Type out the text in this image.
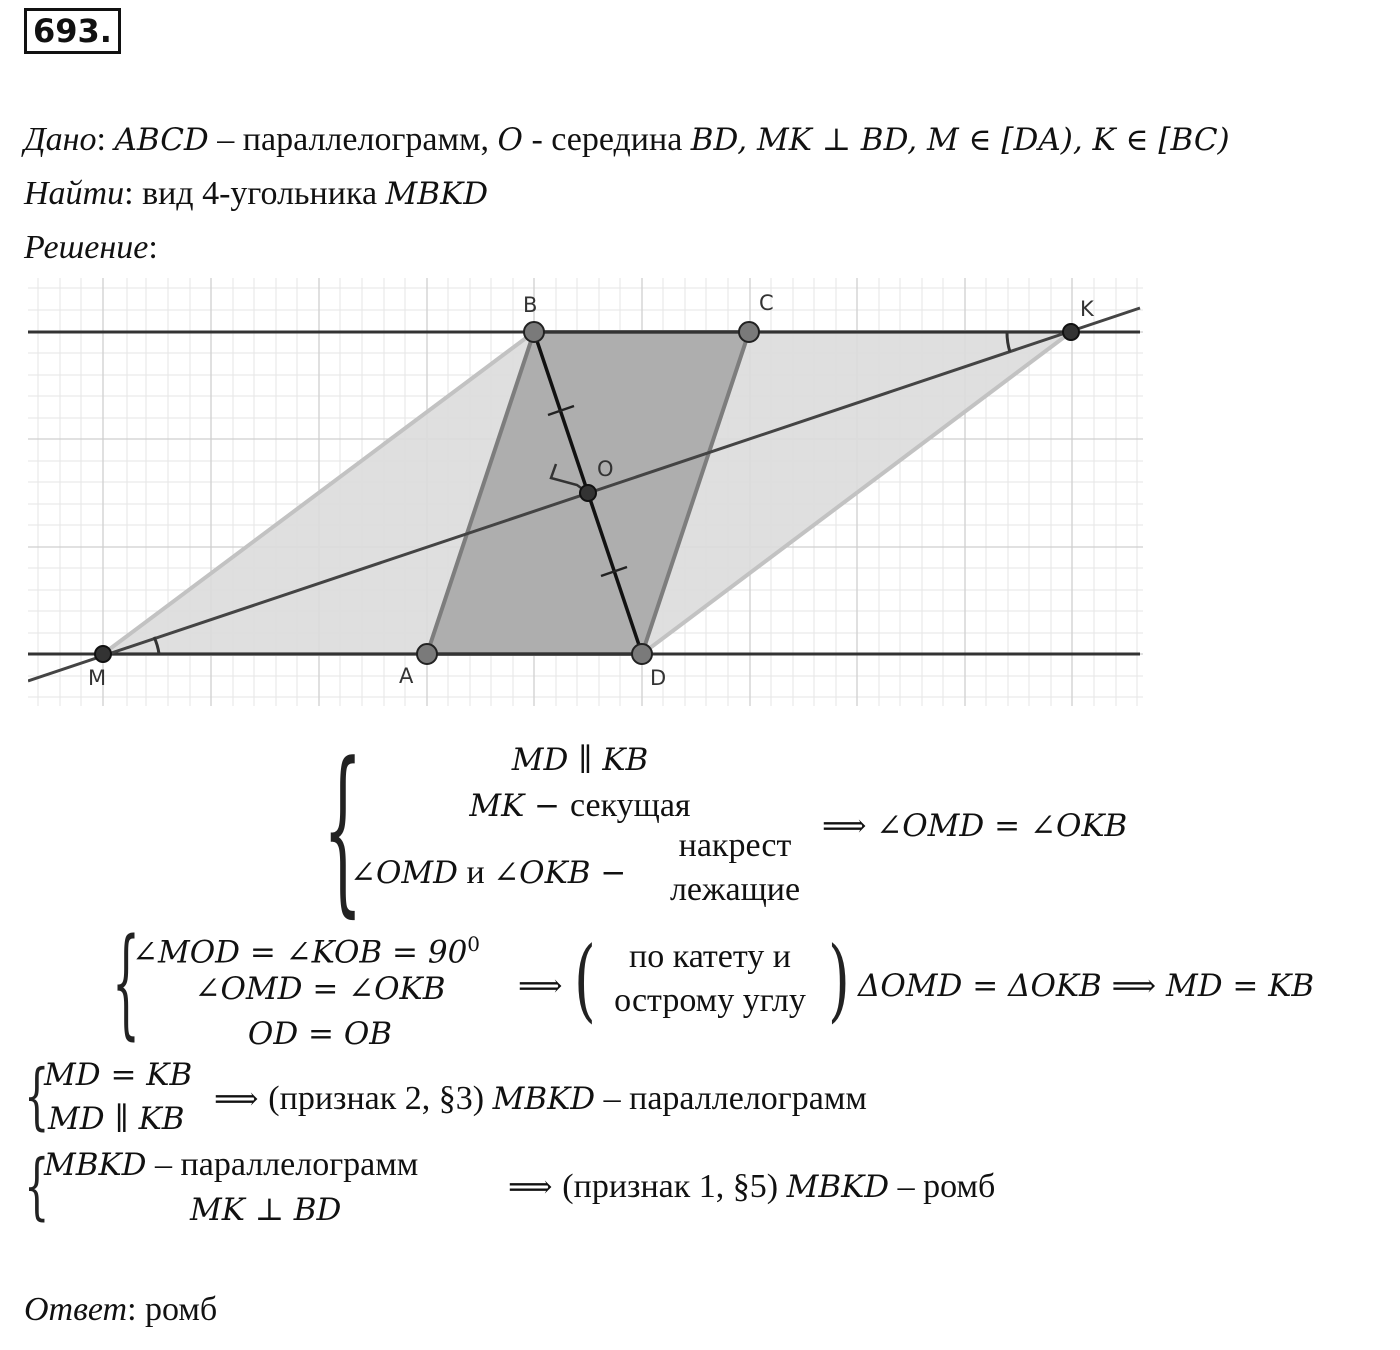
693.
Дано: ABCD – параллелограмм, O - середина BD, MK ⊥ BD, M ∈ [DA), K ∈ [BC)
Найти: вид 4-угольника MBKD
Решение:
B	C	K
O
M	A	D
{	MD ∥ KB
MK − секущая
∠OMD и ∠OKB −
накрест
лежащие
⟹ ∠OMD = ∠OKB
{
∠MOD = ∠KOB = $90^0$
∠OMD = ∠OKB
OD = OB
⟹ ( по катету и
острому углу ) ΔOMD = ΔOKB ⟹ MD = KB
{
MD = KB
MD ∥ KB
⟹ (признак 2, §3) MBKD – параллелограмм
{
MBKD – параллелограмм
MK ⊥ BD
⟹ (признак 1, §5) MBKD – ромб
Ответ: ромб
